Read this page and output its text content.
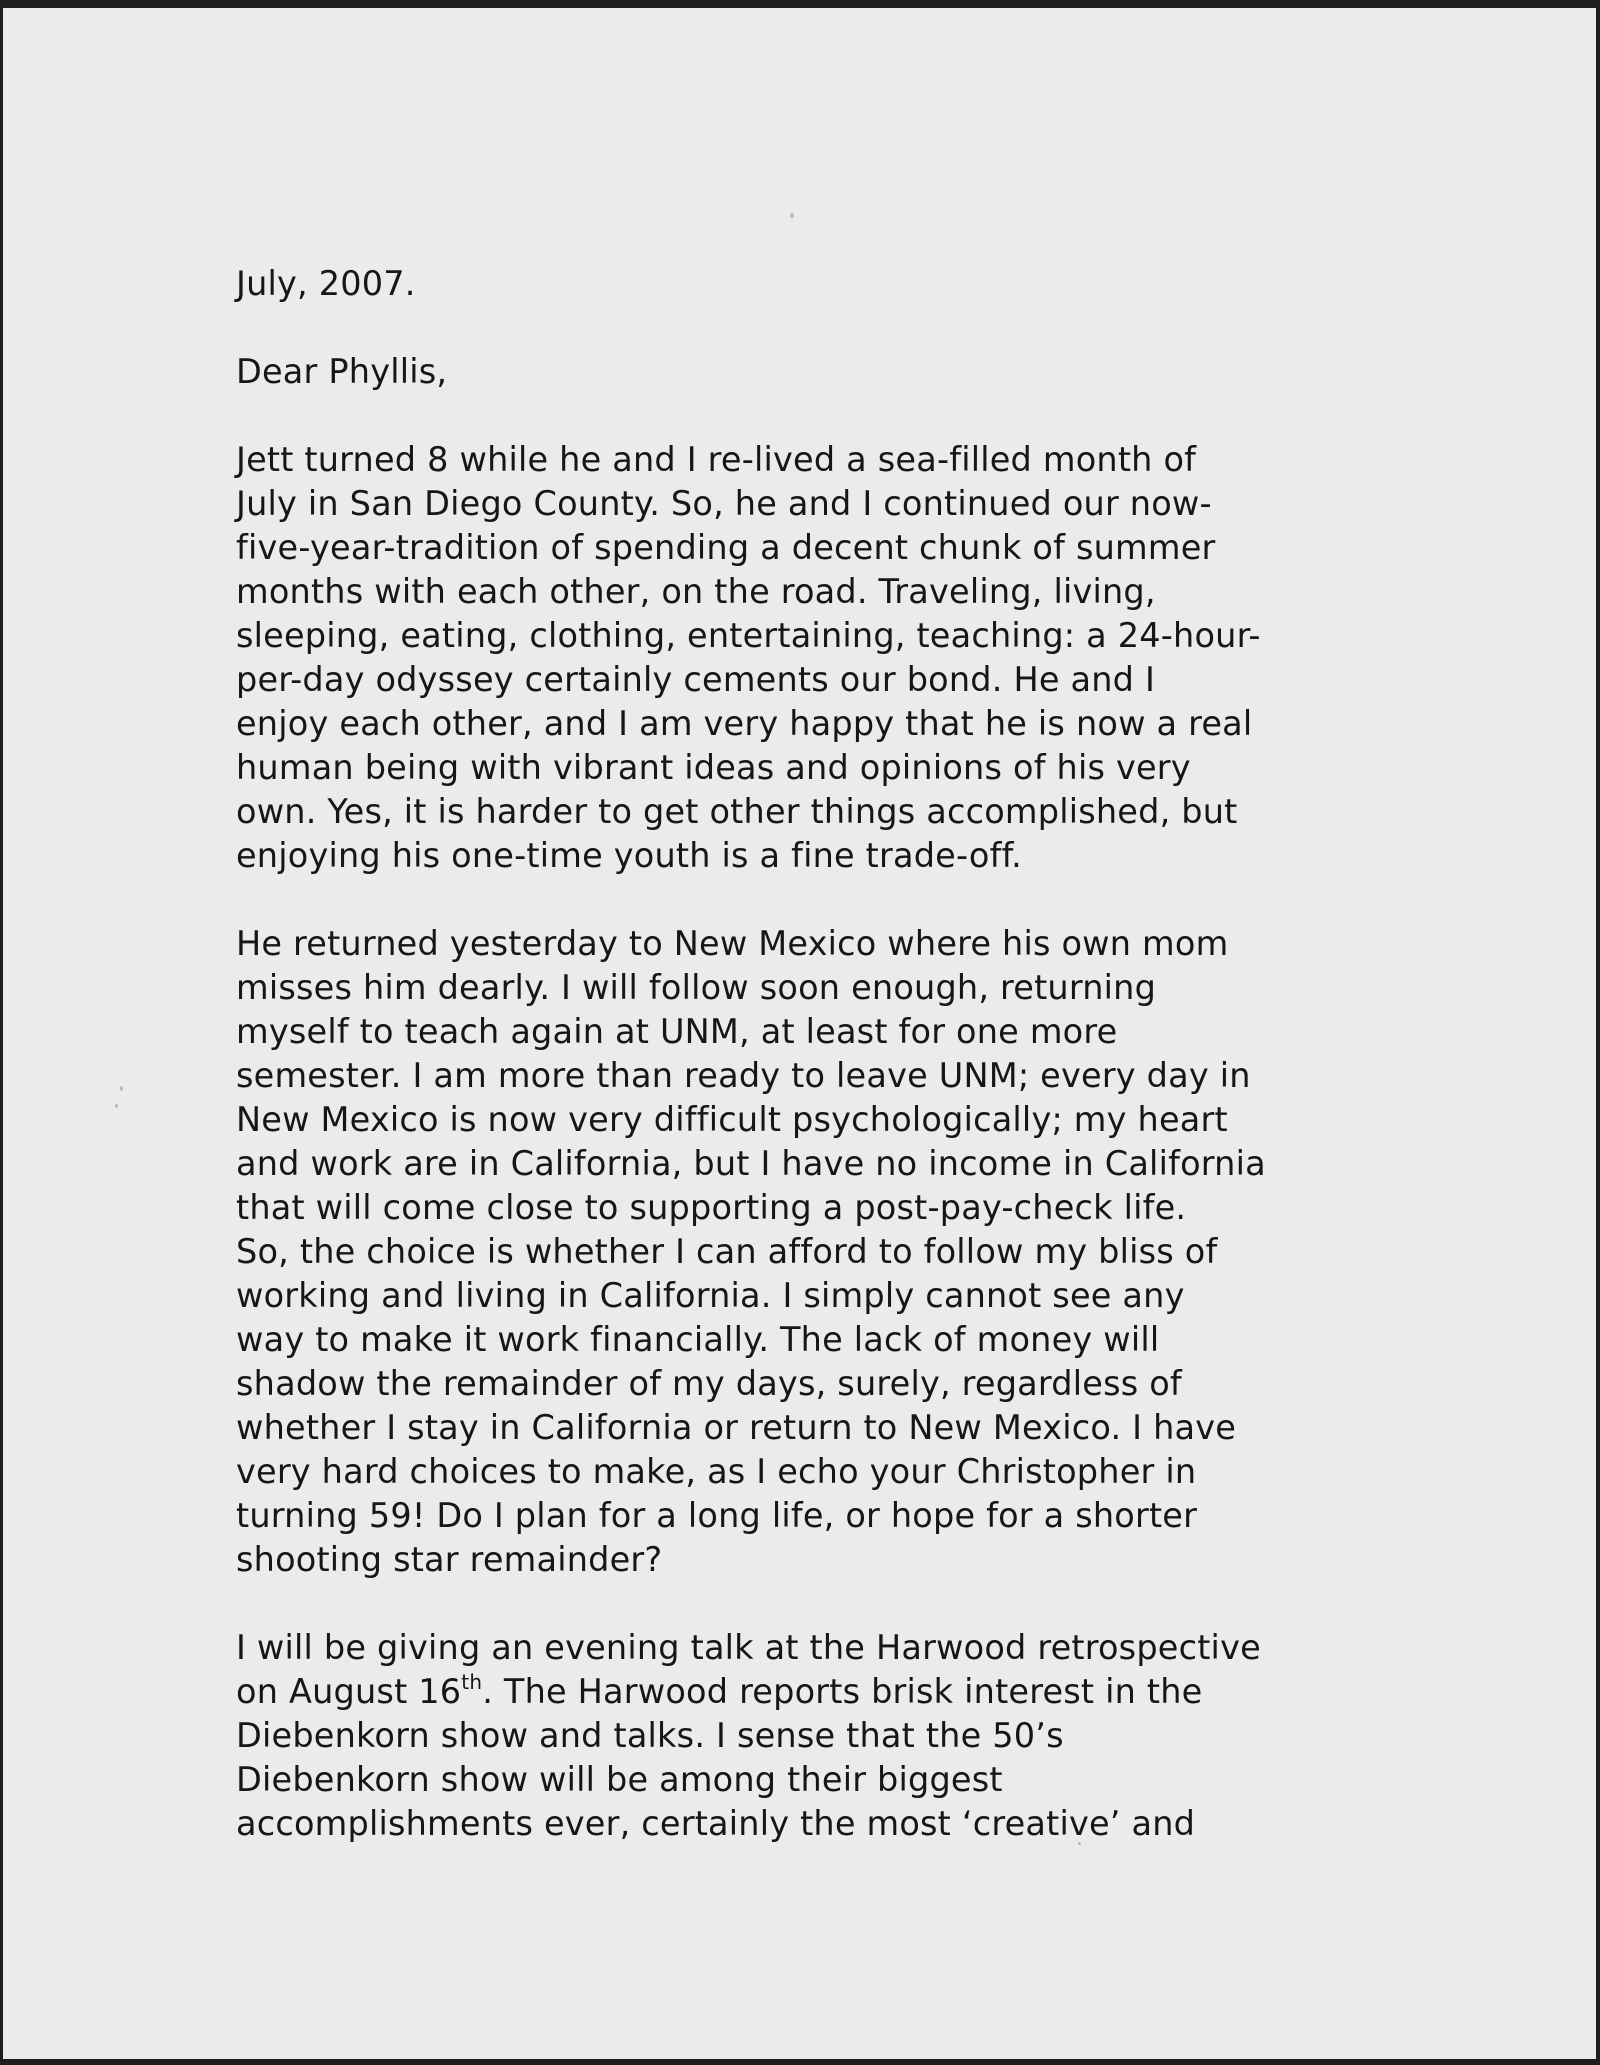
July, 2007.
Dear Phyllis,
Jett turned 8 while he and I re-lived a sea-filled month of
July in San Diego County. So, he and I continued our now-
five-year-tradition of spending a decent chunk of summer
months with each other, on the road. Traveling, living,
sleeping, eating, clothing, entertaining, teaching: a 24-hour-
per-day odyssey certainly cements our bond. He and I
enjoy each other, and I am very happy that he is now a real
human being with vibrant ideas and opinions of his very
own. Yes, it is harder to get other things accomplished, but
enjoying his one-time youth is a fine trade-off.
He returned yesterday to New Mexico where his own mom
misses him dearly. I will follow soon enough, returning
myself to teach again at UNM, at least for one more
semester. I am more than ready to leave UNM; every day in
New Mexico is now very difficult psychologically; my heart
and work are in California, but I have no income in California
that will come close to supporting a post-pay-check life.
So, the choice is whether I can afford to follow my bliss of
working and living in California. I simply cannot see any
way to make it work financially. The lack of money will
shadow the remainder of my days, surely, regardless of
whether I stay in California or return to New Mexico. I have
very hard choices to make, as I echo your Christopher in
turning 59! Do I plan for a long life, or hope for a shorter
shooting star remainder?
I will be giving an evening talk at the Harwood retrospective
on August 16th. The Harwood reports brisk interest in the
Diebenkorn show and talks. I sense that the 50’s
Diebenkorn show will be among their biggest
accomplishments ever, certainly the most ‘creative’ and
